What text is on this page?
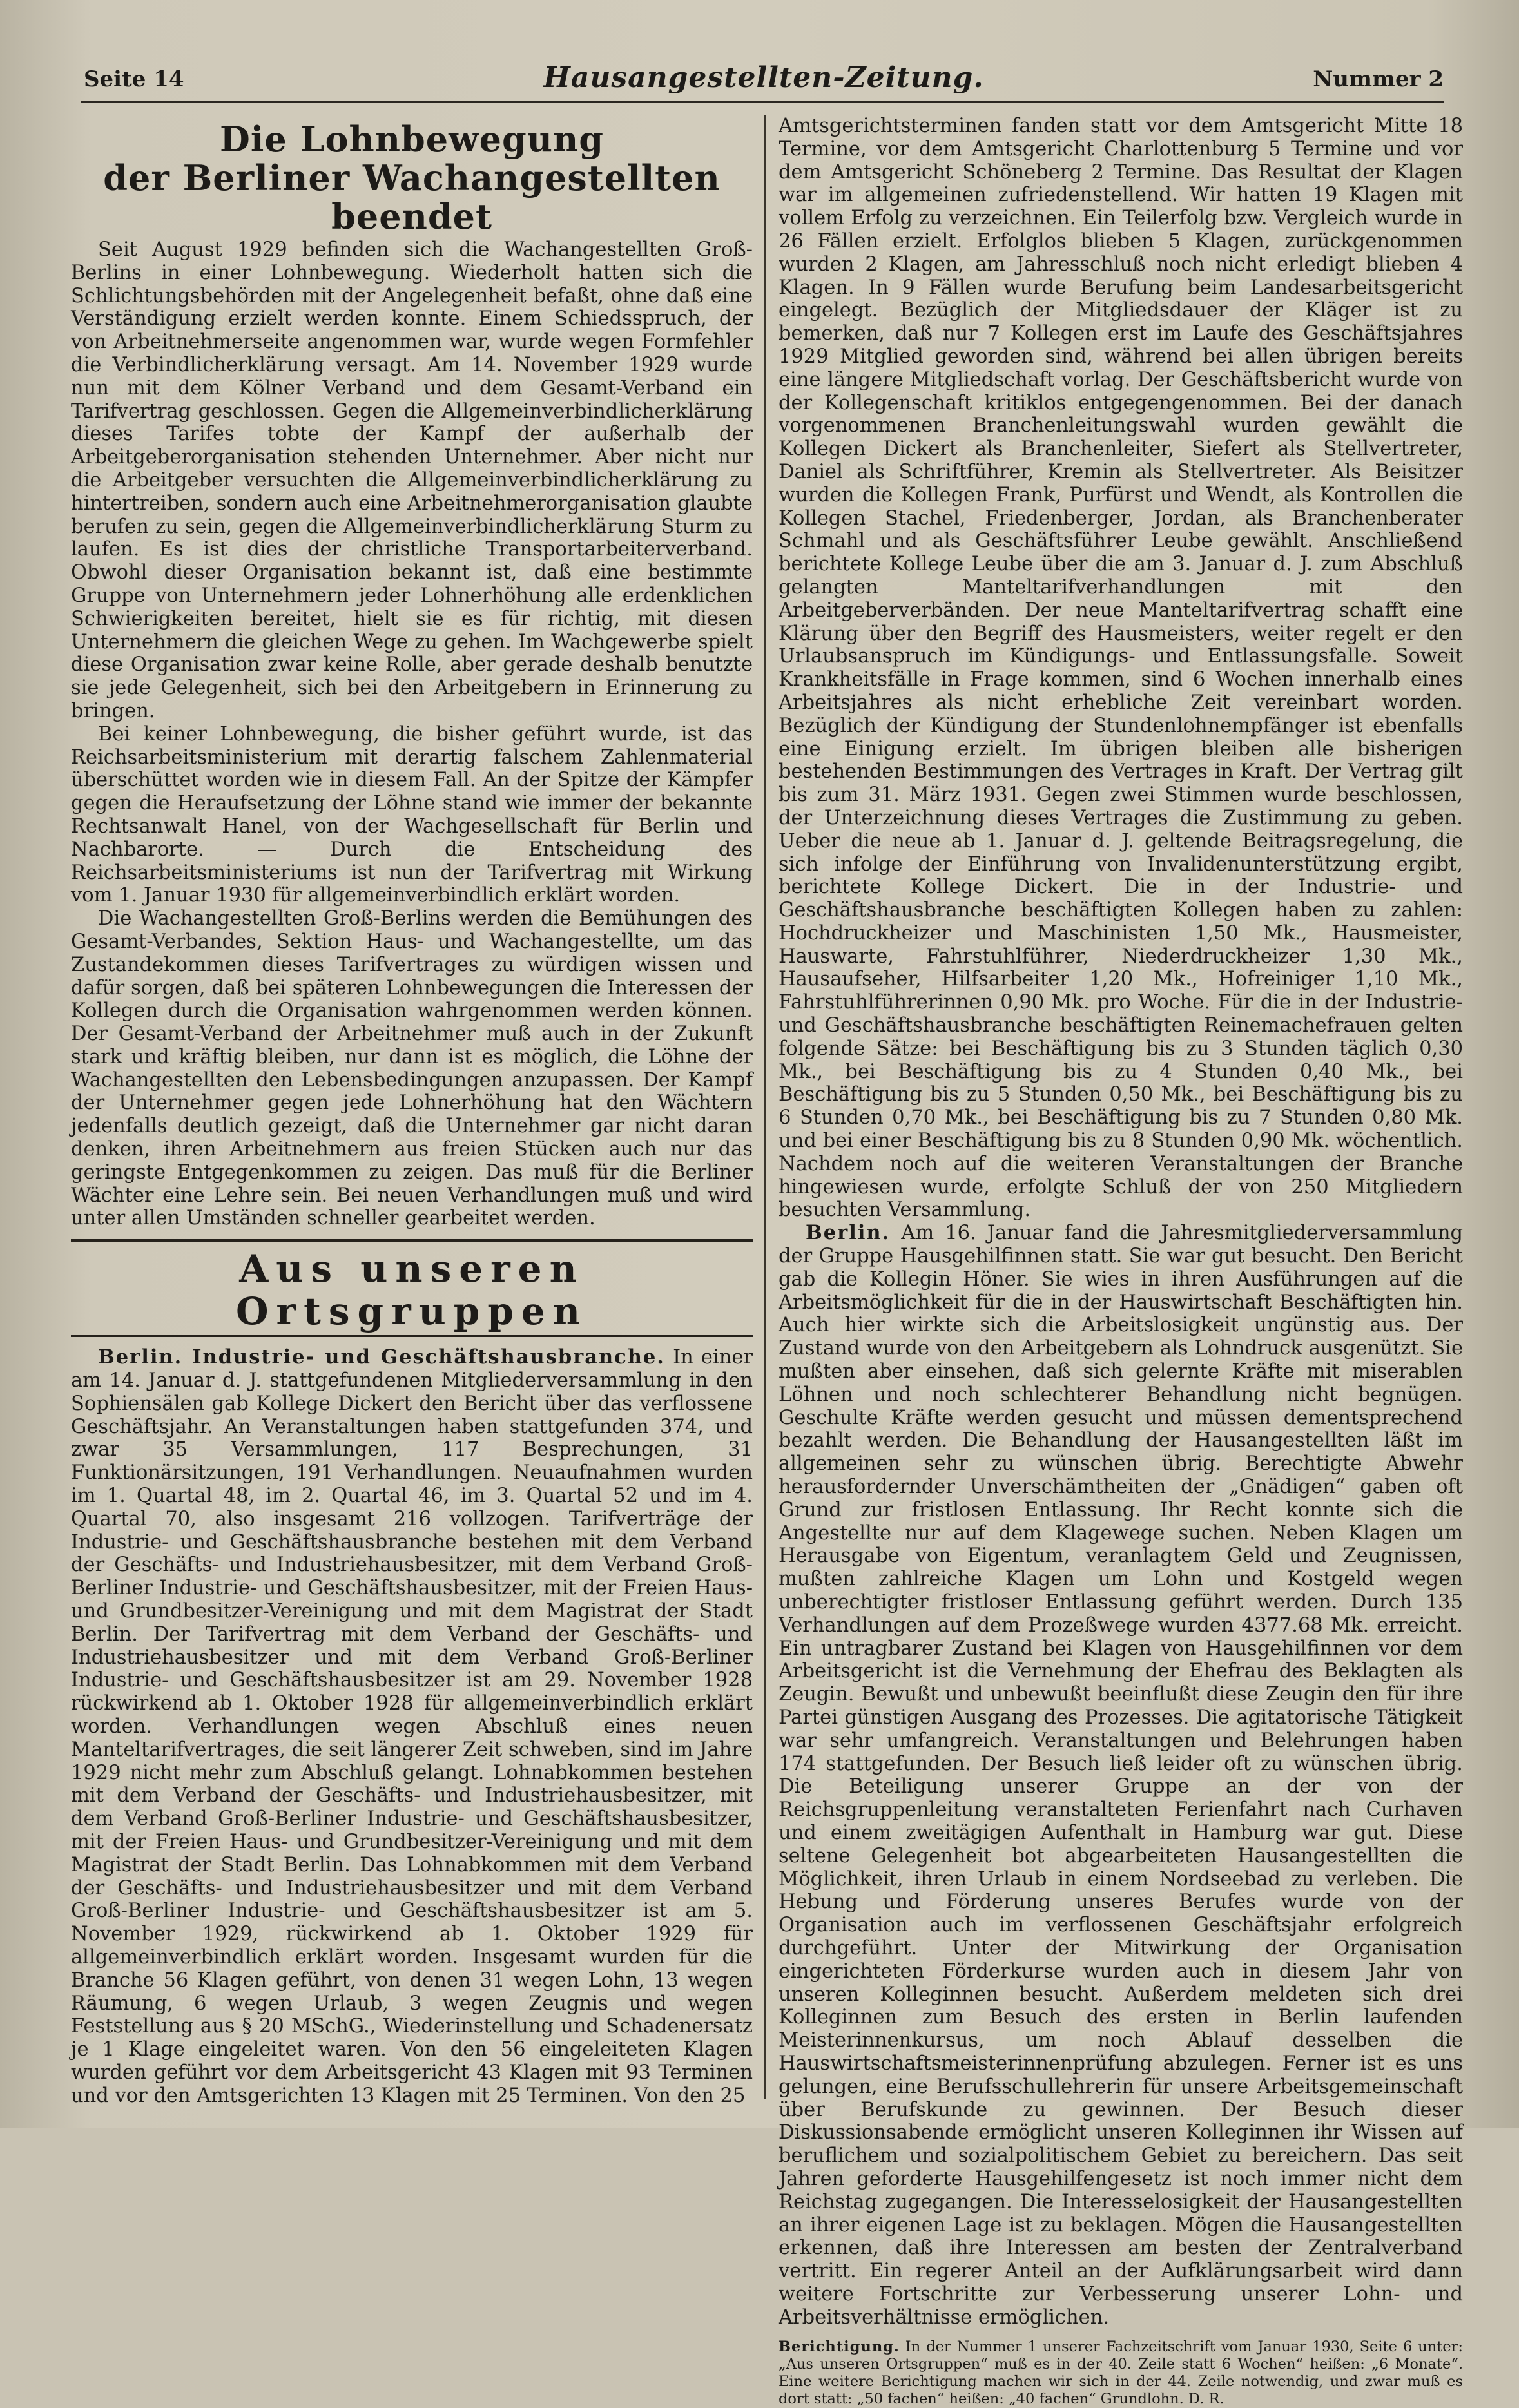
Seite 14	Hausangestellten-Zeitung.	Nummer 2
Die Lohnbewegung
der Berliner Wachangestellten beendet

Seit August 1929 befinden sich die Wachangestellten Groß-Berlins in einer Lohnbewegung. Wiederholt hatten sich die Schlichtungsbehörden mit der Angelegenheit befaßt, ohne daß eine Verständigung erzielt werden konnte. Einem Schiedsspruch, der von Arbeitnehmerseite angenommen war, wurde wegen Formfehler die Verbindlicherklärung versagt. Am 14. November 1929 wurde nun mit dem Kölner Verband und dem Gesamt-Verband ein Tarifvertrag geschlossen. Gegen die Allgemeinverbindlicherklärung dieses Tarifes tobte der Kampf der außerhalb der Arbeitgeberorganisation stehenden Unternehmer. Aber nicht nur die Arbeitgeber versuchten die Allgemeinverbindlicherklärung zu hintertreiben, sondern auch eine Arbeitnehmerorganisation glaubte berufen zu sein, gegen die Allgemeinverbindlicherklärung Sturm zu laufen. Es ist dies der christliche Transportarbeiterverband. Obwohl dieser Organisation bekannt ist, daß eine bestimmte Gruppe von Unternehmern jeder Lohnerhöhung alle erdenklichen Schwierigkeiten bereitet, hielt sie es für richtig, mit diesen Unternehmern die gleichen Wege zu gehen. Im Wachgewerbe spielt diese Organisation zwar keine Rolle, aber gerade deshalb benutzte sie jede Gelegenheit, sich bei den Arbeitgebern in Erinnerung zu bringen.

Bei keiner Lohnbewegung, die bisher geführt wurde, ist das Reichsarbeitsministerium mit derartig falschem Zahlenmaterial überschüttet worden wie in diesem Fall. An der Spitze der Kämpfer gegen die Heraufsetzung der Löhne stand wie immer der bekannte Rechtsanwalt Hanel, von der Wachgesellschaft für Berlin und Nachbarorte. — Durch die Entscheidung des Reichsarbeitsministeriums ist nun der Tarifvertrag mit Wirkung vom 1. Januar 1930 für allgemeinverbindlich erklärt worden.

Die Wachangestellten Groß-Berlins werden die Bemühungen des Gesamt-Verbandes, Sektion Haus- und Wachangestellte, um das Zustandekommen dieses Tarifvertrages zu würdigen wissen und dafür sorgen, daß bei späteren Lohnbewegungen die Interessen der Kollegen durch die Organisation wahrgenommen werden können. Der Gesamt-Verband der Arbeitnehmer muß auch in der Zukunft stark und kräftig bleiben, nur dann ist es möglich, die Löhne der Wachangestellten den Lebensbedingungen anzupassen. Der Kampf der Unternehmer gegen jede Lohnerhöhung hat den Wächtern jedenfalls deutlich gezeigt, daß die Unternehmer gar nicht daran denken, ihren Arbeitnehmern aus freien Stücken auch nur das geringste Entgegenkommen zu zeigen. Das muß für die Berliner Wächter eine Lehre sein. Bei neuen Verhandlungen muß und wird unter allen Umständen schneller gearbeitet werden.

Aus unseren Ortsgruppen

Berlin. Industrie- und Geschäftshausbranche. In einer am 14. Januar d. J. stattgefundenen Mitgliederversammlung in den Sophiensälen gab Kollege Dickert den Bericht über das verflossene Geschäftsjahr. An Veranstaltungen haben stattgefunden 374, und zwar 35 Versammlungen, 117 Besprechungen, 31 Funktionärsitzungen, 191 Verhandlungen. Neuaufnahmen wurden im 1. Quartal 48, im 2. Quartal 46, im 3. Quartal 52 und im 4. Quartal 70, also insgesamt 216 vollzogen. Tarifverträge der Industrie- und Geschäftshausbranche bestehen mit dem Verband der Geschäfts- und Industriehausbesitzer, mit dem Verband Groß-Berliner Industrie- und Geschäftshausbesitzer, mit der Freien Haus- und Grundbesitzer-Vereinigung und mit dem Magistrat der Stadt Berlin. Der Tarifvertrag mit dem Verband der Geschäfts- und Industriehausbesitzer und mit dem Verband Groß-Berliner Industrie- und Geschäftshausbesitzer ist am 29. November 1928 rückwirkend ab 1. Oktober 1928 für allgemeinverbindlich erklärt worden. Verhandlungen wegen Abschluß eines neuen Manteltarifvertrages, die seit längerer Zeit schweben, sind im Jahre 1929 nicht mehr zum Abschluß gelangt. Lohnabkommen bestehen mit dem Verband der Geschäfts- und Industriehausbesitzer, mit dem Verband Groß-Berliner Industrie- und Geschäftshausbesitzer, mit der Freien Haus- und Grundbesitzer-Vereinigung und mit dem Magistrat der Stadt Berlin. Das Lohnabkommen mit dem Verband der Geschäfts- und Industriehausbesitzer und mit dem Verband Groß-Berliner Industrie- und Geschäftshausbesitzer ist am 5. November 1929, rückwirkend ab 1. Oktober 1929 für allgemeinverbindlich erklärt worden. Insgesamt wurden für die Branche 56 Klagen geführt, von denen 31 wegen Lohn, 13 wegen Räumung, 6 wegen Urlaub, 3 wegen Zeugnis und wegen Feststellung aus § 20 MSchG., Wiederinstellung und Schadenersatz je 1 Klage eingeleitet waren. Von den 56 eingeleiteten Klagen wurden geführt vor dem Arbeitsgericht 43 Klagen mit 93 Terminen und vor den Amtsgerichten 13 Klagen mit 25 Terminen. Von den 25

Amtsgerichtsterminen fanden statt vor dem Amtsgericht Mitte 18 Termine, vor dem Amtsgericht Charlottenburg 5 Termine und vor dem Amtsgericht Schöneberg 2 Termine. Das Resultat der Klagen war im allgemeinen zufriedenstellend. Wir hatten 19 Klagen mit vollem Erfolg zu verzeichnen. Ein Teilerfolg bzw. Vergleich wurde in 26 Fällen erzielt. Erfolglos blieben 5 Klagen, zurückgenommen wurden 2 Klagen, am Jahresschluß noch nicht erledigt blieben 4 Klagen. In 9 Fällen wurde Berufung beim Landesarbeitsgericht eingelegt. Bezüglich der Mitgliedsdauer der Kläger ist zu bemerken, daß nur 7 Kollegen erst im Laufe des Geschäftsjahres 1929 Mitglied geworden sind, während bei allen übrigen bereits eine längere Mitgliedschaft vorlag. Der Geschäftsbericht wurde von der Kollegenschaft kritiklos entgegengenommen. Bei der danach vorgenommenen Branchenleitungswahl wurden gewählt die Kollegen Dickert als Branchenleiter, Siefert als Stellvertreter, Daniel als Schriftführer, Kremin als Stellvertreter. Als Beisitzer wurden die Kollegen Frank, Purfürst und Wendt, als Kontrollen die Kollegen Stachel, Friedenberger, Jordan, als Branchenberater Schmahl und als Geschäftsführer Leube gewählt. Anschließend berichtete Kollege Leube über die am 3. Januar d. J. zum Abschluß gelangten Manteltarifverhandlungen mit den Arbeitgeberverbänden. Der neue Manteltarifvertrag schafft eine Klärung über den Begriff des Hausmeisters, weiter regelt er den Urlaubsanspruch im Kündigungs- und Entlassungsfalle. Soweit Krankheitsfälle in Frage kommen, sind 6 Wochen innerhalb eines Arbeitsjahres als nicht erhebliche Zeit vereinbart worden. Bezüglich der Kündigung der Stundenlohnempfänger ist ebenfalls eine Einigung erzielt. Im übrigen bleiben alle bisherigen bestehenden Bestimmungen des Vertrages in Kraft. Der Vertrag gilt bis zum 31. März 1931. Gegen zwei Stimmen wurde beschlossen, der Unterzeichnung dieses Vertrages die Zustimmung zu geben. Ueber die neue ab 1. Januar d. J. geltende Beitragsregelung, die sich infolge der Einführung von Invalidenunterstützung ergibt, berichtete Kollege Dickert. Die in der Industrie- und Geschäftshausbranche beschäftigten Kollegen haben zu zahlen: Hochdruckheizer und Maschinisten 1,50 Mk., Hausmeister, Hauswarte, Fahrstuhlführer, Niederdruckheizer 1,30 Mk., Hausaufseher, Hilfsarbeiter 1,20 Mk., Hofreiniger 1,10 Mk., Fahrstuhlführerinnen 0,90 Mk. pro Woche. Für die in der Industrie- und Geschäftshausbranche beschäftigten Reinemachefrauen gelten folgende Sätze: bei Beschäftigung bis zu 3 Stunden täglich 0,30 Mk., bei Beschäftigung bis zu 4 Stunden 0,40 Mk., bei Beschäftigung bis zu 5 Stunden 0,50 Mk., bei Beschäftigung bis zu 6 Stunden 0,70 Mk., bei Beschäftigung bis zu 7 Stunden 0,80 Mk. und bei einer Beschäftigung bis zu 8 Stunden 0,90 Mk. wöchentlich. Nachdem noch auf die weiteren Veranstaltungen der Branche hingewiesen wurde, erfolgte Schluß der von 250 Mitgliedern besuchten Versammlung.

Berlin. Am 16. Januar fand die Jahresmitgliederversammlung der Gruppe Hausgehilfinnen statt. Sie war gut besucht. Den Bericht gab die Kollegin Höner. Sie wies in ihren Ausführungen auf die Arbeitsmöglichkeit für die in der Hauswirtschaft Beschäftigten hin. Auch hier wirkte sich die Arbeitslosigkeit ungünstig aus. Der Zustand wurde von den Arbeitgebern als Lohndruck ausgenützt. Sie mußten aber einsehen, daß sich gelernte Kräfte mit miserablen Löhnen und noch schlechterer Behandlung nicht begnügen. Geschulte Kräfte werden gesucht und müssen dementsprechend bezahlt werden. Die Behandlung der Hausangestellten läßt im allgemeinen sehr zu wünschen übrig. Berechtigte Abwehr herausfordernder Unverschämtheiten der „Gnädigen“ gaben oft Grund zur fristlosen Entlassung. Ihr Recht konnte sich die Angestellte nur auf dem Klagewege suchen. Neben Klagen um Herausgabe von Eigentum, veranlagtem Geld und Zeugnissen, mußten zahlreiche Klagen um Lohn und Kostgeld wegen unberechtigter fristloser Entlassung geführt werden. Durch 135 Verhandlungen auf dem Prozeßwege wurden 4377.68 Mk. erreicht. Ein untragbarer Zustand bei Klagen von Hausgehilfinnen vor dem Arbeitsgericht ist die Vernehmung der Ehefrau des Beklagten als Zeugin. Bewußt und unbewußt beeinflußt diese Zeugin den für ihre Partei günstigen Ausgang des Prozesses. Die agitatorische Tätigkeit war sehr umfangreich. Veranstaltungen und Belehrungen haben 174 stattgefunden. Der Besuch ließ leider oft zu wünschen übrig. Die Beteiligung unserer Gruppe an der von der Reichsgruppenleitung veranstalteten Ferienfahrt nach Curhaven und einem zweitägigen Aufenthalt in Hamburg war gut. Diese seltene Gelegenheit bot abgearbeiteten Hausangestellten die Möglichkeit, ihren Urlaub in einem Nordseebad zu verleben. Die Hebung und Förderung unseres Berufes wurde von der Organisation auch im verflossenen Geschäftsjahr erfolgreich durchgeführt. Unter der Mitwirkung der Organisation eingerichteten Förderkurse wurden auch in diesem Jahr von unseren Kolleginnen besucht. Außerdem meldeten sich drei Kolleginnen zum Besuch des ersten in Berlin laufenden Meisterinnenkursus, um noch Ablauf desselben die Hauswirtschaftsmeisterinnenprüfung abzulegen. Ferner ist es uns gelungen, eine Berufsschullehrerin für unsere Arbeitsgemeinschaft über Berufskunde zu gewinnen. Der Besuch dieser Diskussionsabende ermöglicht unseren Kolleginnen ihr Wissen auf beruflichem und sozialpolitischem Gebiet zu bereichern. Das seit Jahren geforderte Hausgehilfengesetz ist noch immer nicht dem Reichstag zugegangen. Die Interesselosigkeit der Hausangestellten an ihrer eigenen Lage ist zu beklagen. Mögen die Hausangestellten erkennen, daß ihre Interessen am besten der Zentralverband vertritt. Ein regerer Anteil an der Aufklärungsarbeit wird dann weitere Fortschritte zur Verbesserung unserer Lohn- und Arbeitsverhältnisse ermöglichen.

Berichtigung. In der Nummer 1 unserer Fachzeitschrift vom Januar 1930, Seite 6 unter: „Aus unseren Ortsgruppen“ muß es in der 40. Zeile statt 6 Wochen“ heißen: „6 Monate“. Eine weitere Berichtigung machen wir sich in der 44. Zeile notwendig, und zwar muß es dort statt: „50 fachen“ heißen: „40 fachen“ Grundlohn. D. R.
